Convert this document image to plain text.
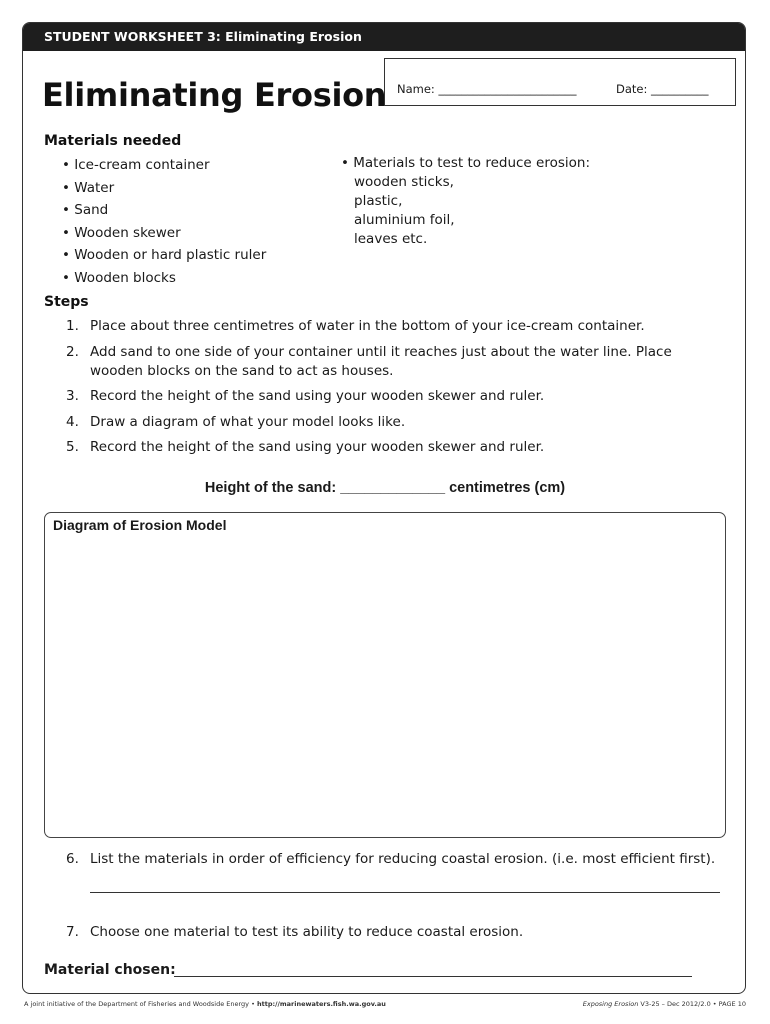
STUDENT WORKSHEET 3: Eliminating Erosion
Eliminating Erosion Name: ________________________	Date: __________
Materials needed
• Ice-cream container
• Water
• Sand
• Wooden skewer
• Wooden or hard plastic ruler
• Wooden blocks
• Materials to test to reduce erosion:
wooden sticks,
plastic,
aluminium foil,
leaves etc.
Steps
1. Place about three centimetres of water in the bottom of your ice-cream container.
2. Add sand to one side of your container until it reaches just about the water line. Place wooden blocks on the sand to act as houses.
3. Record the height of the sand using your wooden skewer and ruler.
4. Draw a diagram of what your model looks like.
5. Record the height of the sand using your wooden skewer and ruler.
Height of the sand: _____________ centimetres (cm)
Diagram of Erosion Model
6. List the materials in order of efficiency for reducing coastal erosion. (i.e. most efficient first).
7. Choose one material to test its ability to reduce coastal erosion.
Material chosen:
A joint initiative of the Department of Fisheries and Woodside Energy • http://marinewaters.fish.wa.gov.au	Exposing Erosion V3-25 – Dec 2012/2.0 • PAGE 10
